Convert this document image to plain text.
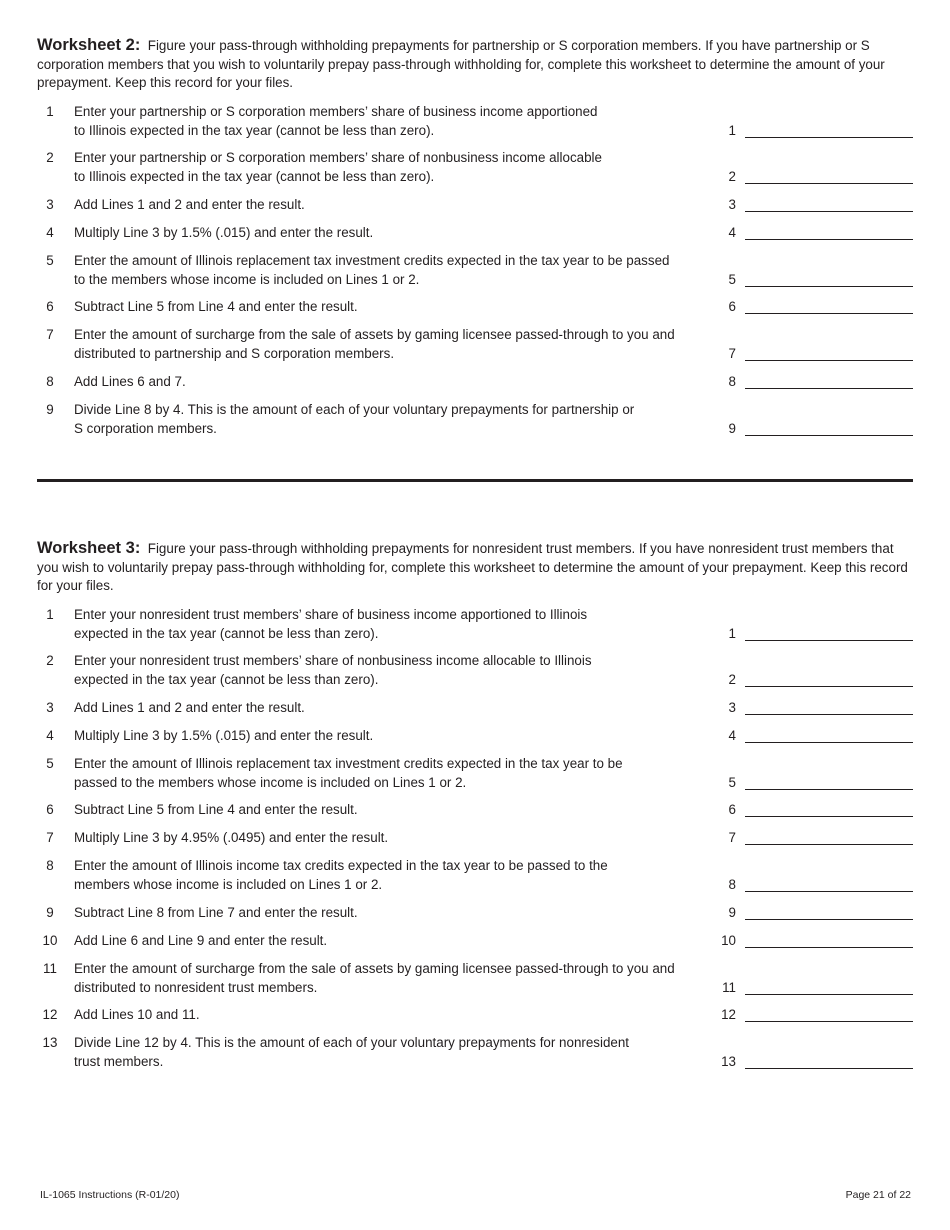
Worksheet 2: Figure your pass-through withholding prepayments for partnership or S corporation members. If you have partnership or S corporation members that you wish to voluntarily prepay pass-through withholding for, complete this worksheet to determine the amount of your prepayment. Keep this record for your files.

1	Enter your partnership or S corporation members’ share of business income apportioned
to Illinois expected in the tax year (cannot be less than zero).	1
2	Enter your partnership or S corporation members’ share of nonbusiness income allocable
to Illinois expected in the tax year (cannot be less than zero).	2
3	Add Lines 1 and 2 and enter the result.	3
4	Multiply Line 3 by 1.5% (.015) and enter the result.	4
5	Enter the amount of Illinois replacement tax investment credits expected in the tax year to be passed
to the members whose income is included on Lines 1 or 2.	5
6	Subtract Line 5 from Line 4 and enter the result.	6
7	Enter the amount of surcharge from the sale of assets by gaming licensee passed-through to you and
distributed to partnership and S corporation members.	7
8	Add Lines 6 and 7.	8
9	Divide Line 8 by 4. This is the amount of each of your voluntary prepayments for partnership or
S corporation members.	9

Worksheet 3: Figure your pass-through withholding prepayments for nonresident trust members. If you have nonresident trust members that you wish to voluntarily prepay pass-through withholding for, complete this worksheet to determine the amount of your prepayment. Keep this record for your files.

1	Enter your nonresident trust members’ share of business income apportioned to Illinois
expected in the tax year (cannot be less than zero).	1
2	Enter your nonresident trust members’ share of nonbusiness income allocable to Illinois
expected in the tax year (cannot be less than zero).	2
3	Add Lines 1 and 2 and enter the result.	3
4	Multiply Line 3 by 1.5% (.015) and enter the result.	4
5	Enter the amount of Illinois replacement tax investment credits expected in the tax year to be
passed to the members whose income is included on Lines 1 or 2.	5
6	Subtract Line 5 from Line 4 and enter the result.	6
7	Multiply Line 3 by 4.95% (.0495) and enter the result.	7
8	Enter the amount of Illinois income tax credits expected in the tax year to be passed to the
members whose income is included on Lines 1 or 2.	8
9	Subtract Line 8 from Line 7 and enter the result.	9
10	Add Line 6 and Line 9 and enter the result.	10
11	Enter the amount of surcharge from the sale of assets by gaming licensee passed-through to you and
distributed to nonresident trust members.	11
12	Add Lines 10 and 11.	12
13	Divide Line 12 by 4. This is the amount of each of your voluntary prepayments for nonresident
trust members.	13
IL-1065 Instructions (R-01/20)	Page 21 of 22
